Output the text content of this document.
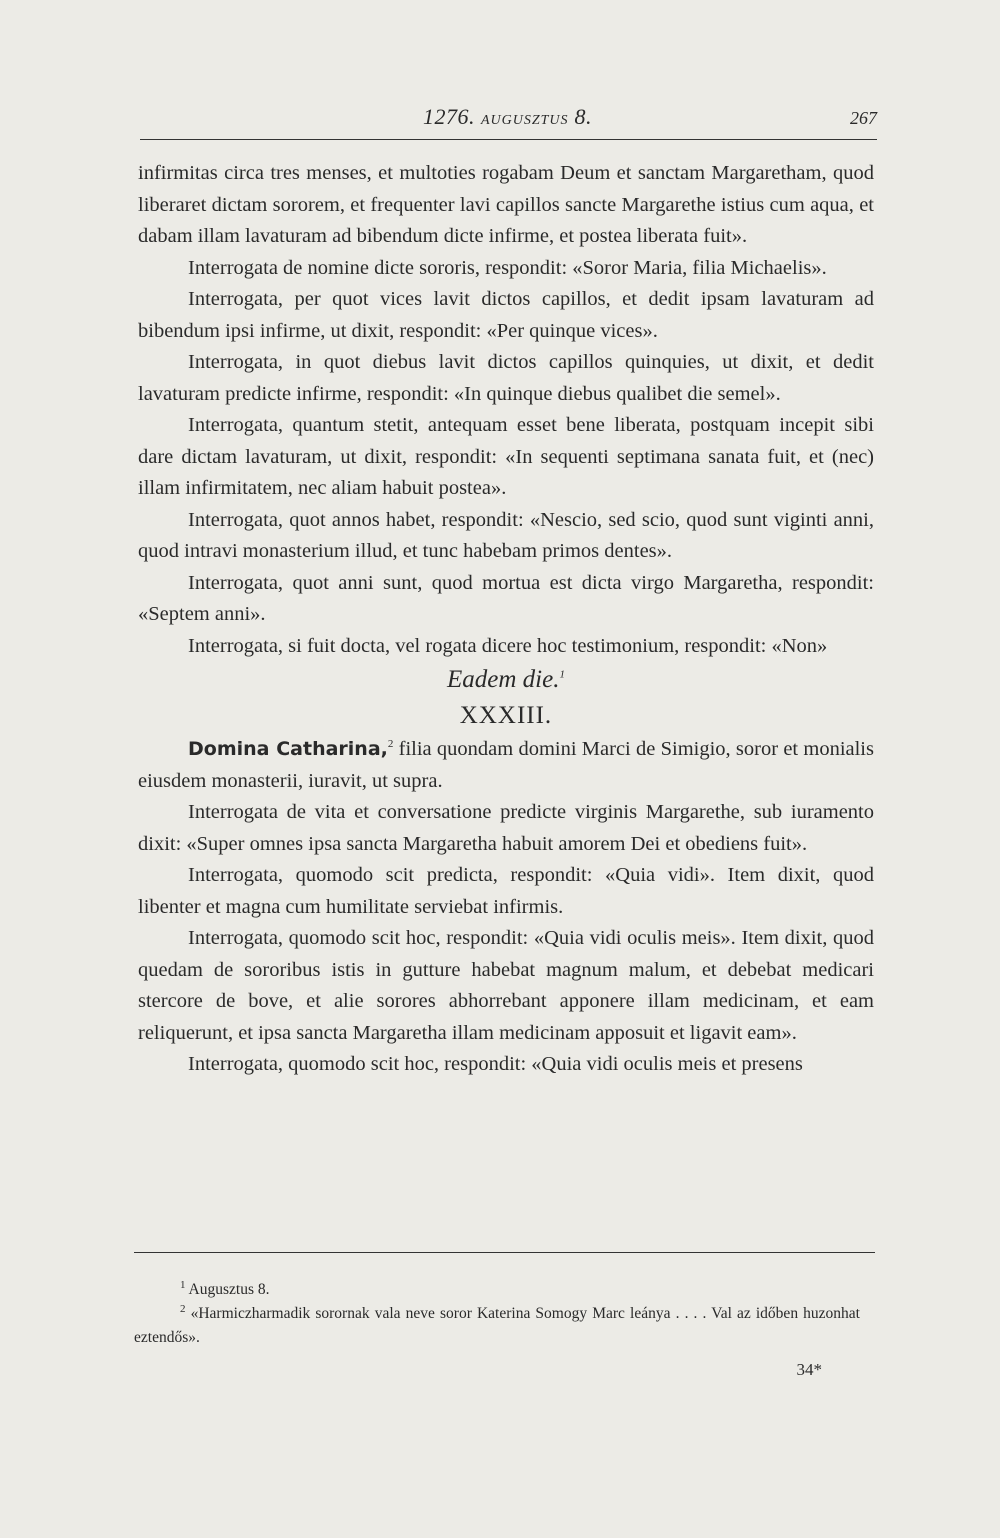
1276. AUGUSZTUS 8.	267

infirmitas circa tres menses, et multoties rogabam Deum et sanctam Margaretham, quod liberaret dictam sororem, et frequenter lavi capillos sancte Margarethe istius cum aqua, et dabam illam lavaturam ad bibendum dicte infirme, et postea liberata fuit».

Interrogata de nomine dicte sororis, respondit: «Soror Maria, filia Michaelis».

Interrogata, per quot vices lavit dictos capillos, et dedit ipsam lavaturam ad bibendum ipsi infirme, ut dixit, respondit: «Per quinque vices».

Interrogata, in quot diebus lavit dictos capillos quinquies, ut dixit, et dedit lavaturam predicte infirme, respondit: «In quinque diebus qualibet die semel».

Interrogata, quantum stetit, antequam esset bene liberata, postquam incepit sibi dare dictam lavaturam, ut dixit, respondit: «In sequenti septimana sanata fuit, et (nec) illam infirmitatem, nec aliam habuit postea».

Interrogata, quot annos habet, respondit: «Nescio, sed scio, quod sunt viginti anni, quod intravi monasterium illud, et tunc habebam primos dentes».

Interrogata, quot anni sunt, quod mortua est dicta virgo Margaretha, respondit: «Septem anni».

Interrogata, si fuit docta, vel rogata dicere hoc testimonium, respondit: «Non»

Eadem die.$^1$

XXXIII.

Domina Catharina,$^2$ filia quondam domini Marci de Simigio, soror et monialis eiusdem monasterii, iuravit, ut supra.

Interrogata de vita et conversatione predicte virginis Margarethe, sub iuramento dixit: «Super omnes ipsa sancta Margaretha habuit amorem Dei et obediens fuit».

Interrogata, quomodo scit predicta, respondit: «Quia vidi». Item dixit, quod libenter et magna cum humilitate serviebat infirmis.

Interrogata, quomodo scit hoc, respondit: «Quia vidi oculis meis». Item dixit, quod quedam de sororibus istis in gutture habebat magnum malum, et debebat medicari stercore de bove, et alie sorores abhorrebant apponere illam medicinam, et eam reliquerunt, et ipsa sancta Margaretha illam medicinam apposuit et ligavit eam».

Interrogata, quomodo scit hoc, respondit: «Quia vidi oculis meis et presens

$^1$ Augusztus 8.

$^2$ «Harmiczharmadik sorornak vala neve soror Katerina Somogy Marc leánya . . . . Val az időben huzonhat eztendős».

34*
